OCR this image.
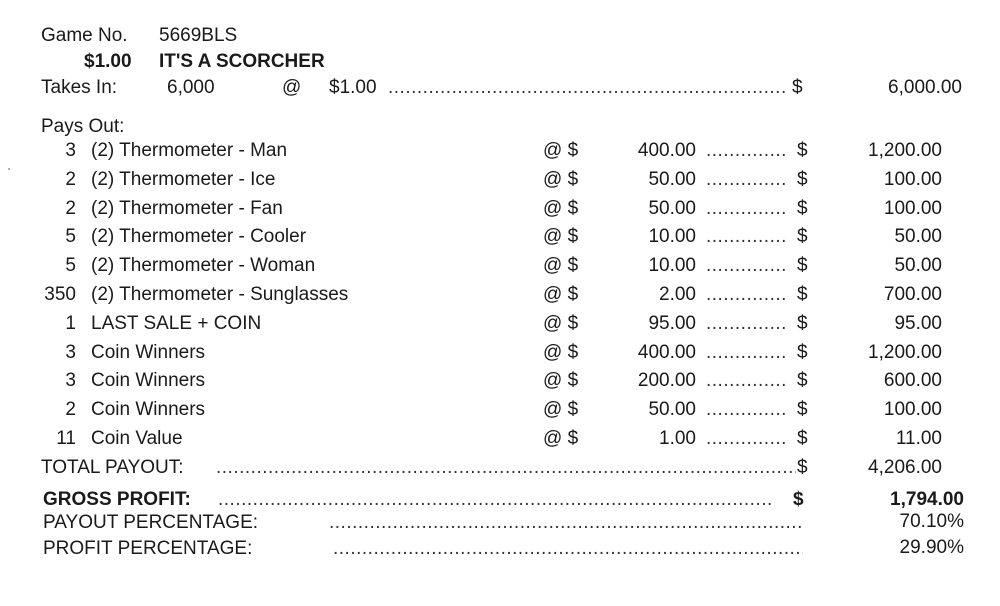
Game No. 5669BLS
$1.00 IT'S A SCORCHER
Takes In:	6,000	@ $1.00 .....	$	6,000.00
Pays Out:
3 (2) Thermometer - Man	@ $	400.00 .....	$	1,200.00
2 (2) Thermometer - Ice	@ $	50.00 .....	$	100.00
2 (2) Thermometer - Fan	@ $	50.00 .....	$	100.00
5 (2) Thermometer - Cooler	@ $	10.00 .....	$	50.00
5 (2) Thermometer - Woman	@ $	10.00 .....	$	50.00
350 (2) Thermometer - Sunglasses	@ $	2.00 .....	$	700.00
1 LAST SALE + COIN	@ $	95.00 .....	$	95.00
3 Coin Winners	@ $	400.00 .....	$	1,200.00
3 Coin Winners	@ $	200.00 .....	$	600.00
2 Coin Winners	@ $	50.00 .....	$	100.00
11 Coin Value	@ $	1.00 .....	$	11.00
TOTAL PAYOUT: .....	$	4,206.00
GROSS PROFIT: .....	$	1,794.00
PAYOUT PERCENTAGE: .....	70.10%
PROFIT PERCENTAGE: .....	29.90%
